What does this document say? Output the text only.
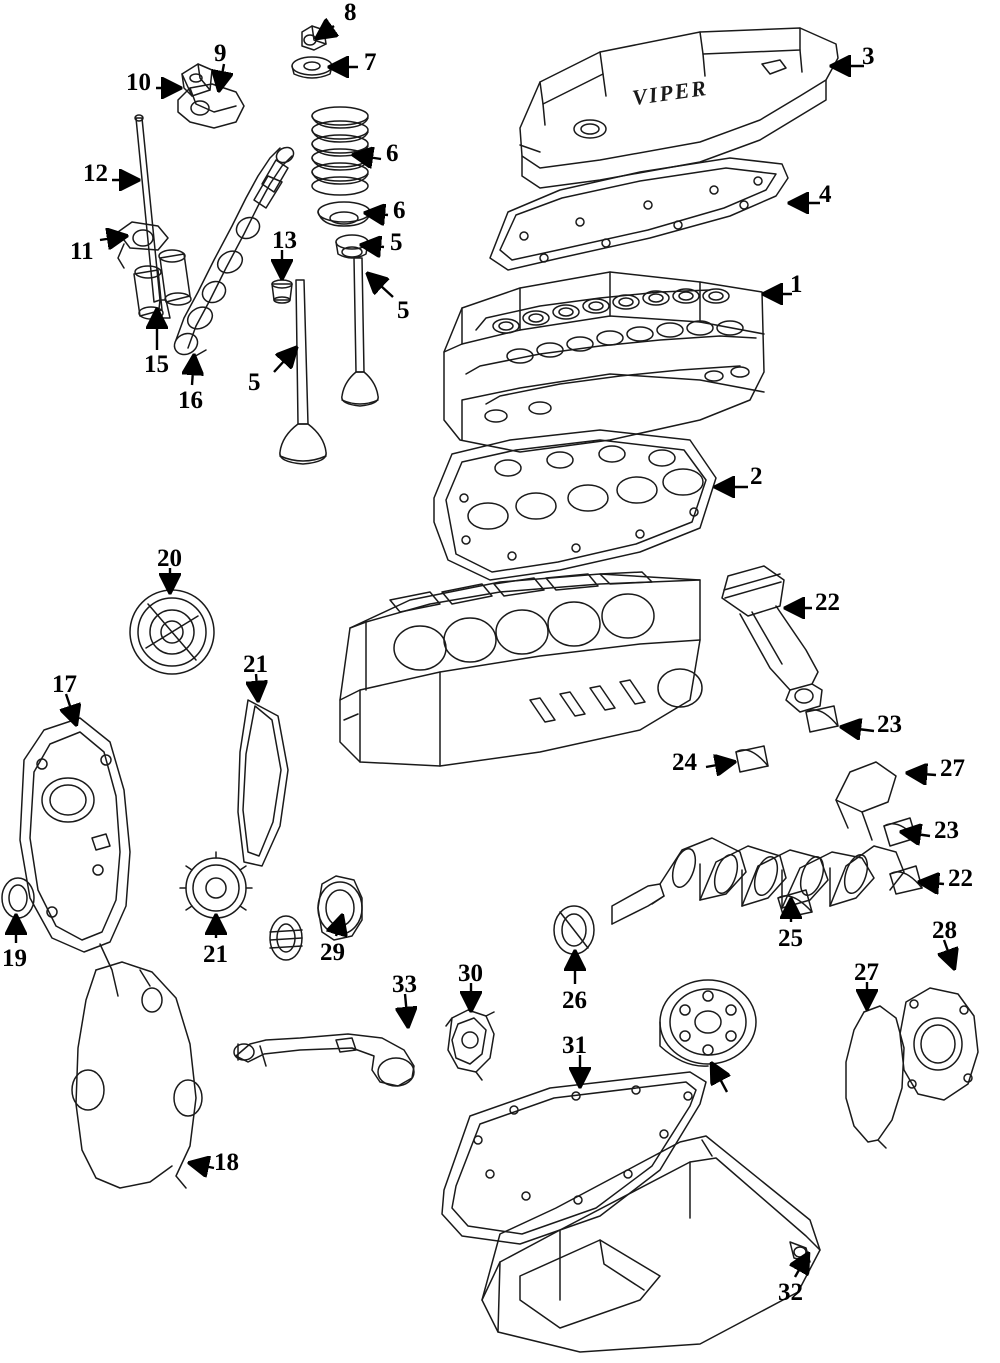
VIPER
8
7
9
10
3
4
6
6
5
13
12
11
5
5
1
2
15
16
20
21
17
19	21	29
33 30
26
31
18
22
23
24	27
23
22
25	28
27
32
